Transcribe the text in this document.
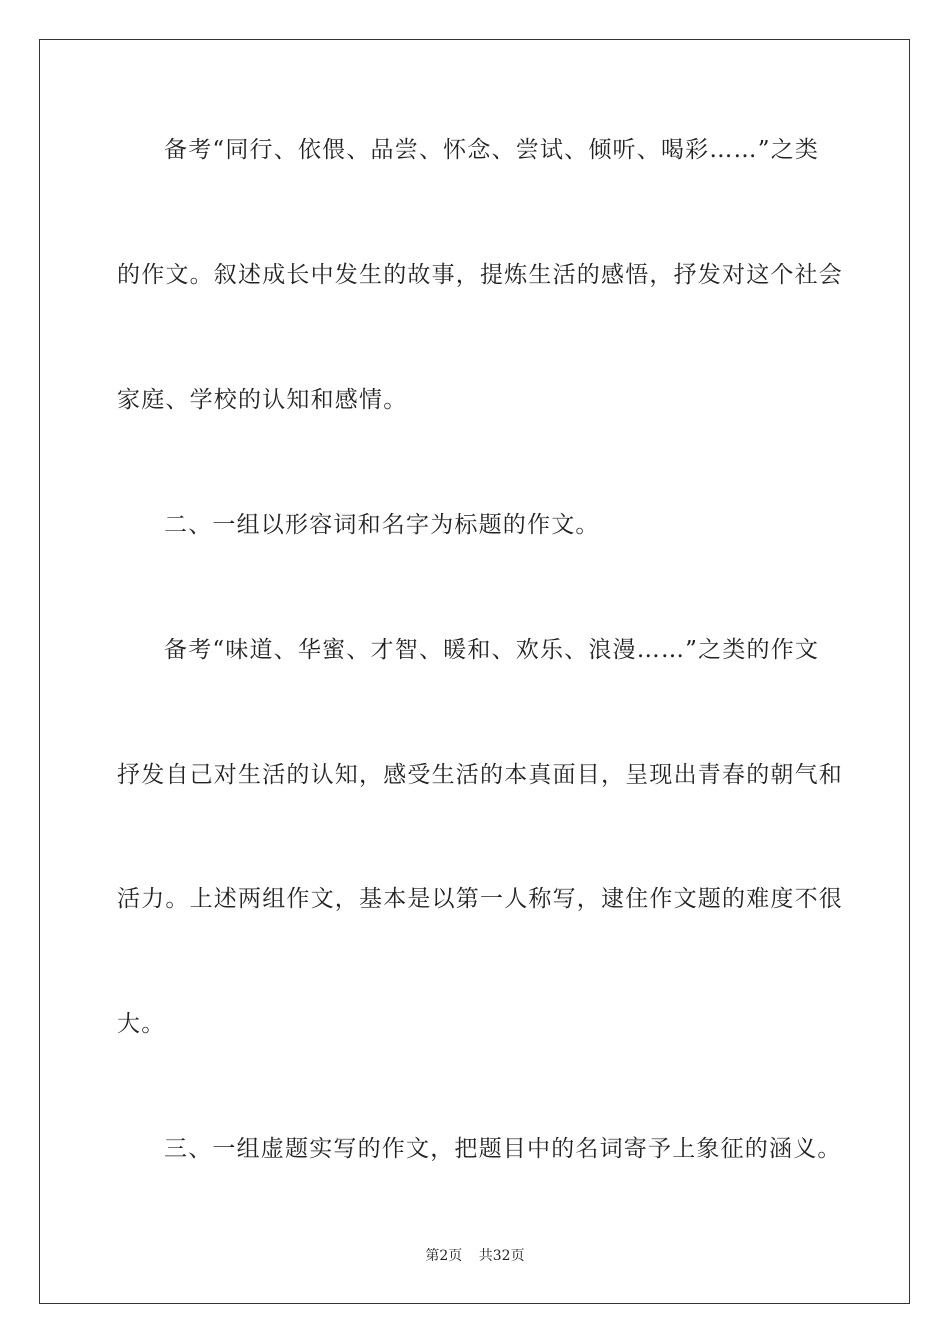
备考“同行、依偎、品尝、怀念、尝试、倾听、喝彩……”之类
的作文。叙述成长中发生的故事，提炼生活的感悟，抒发对这个社会
家庭、学校的认知和感情。
二、一组以形容词和名字为标题的作文。
备考“味道、华蜜、才智、暖和、欢乐、浪漫……”之类的作文
抒发自己对生活的认知，感受生活的本真面目，呈现出青春的朝气和
活力。上述两组作文，基本是以第一人称写，逮住作文题的难度不很
大。
三、一组虚题实写的作文，把题目中的名词寄予上象征的涵义。
第2页 共32页
